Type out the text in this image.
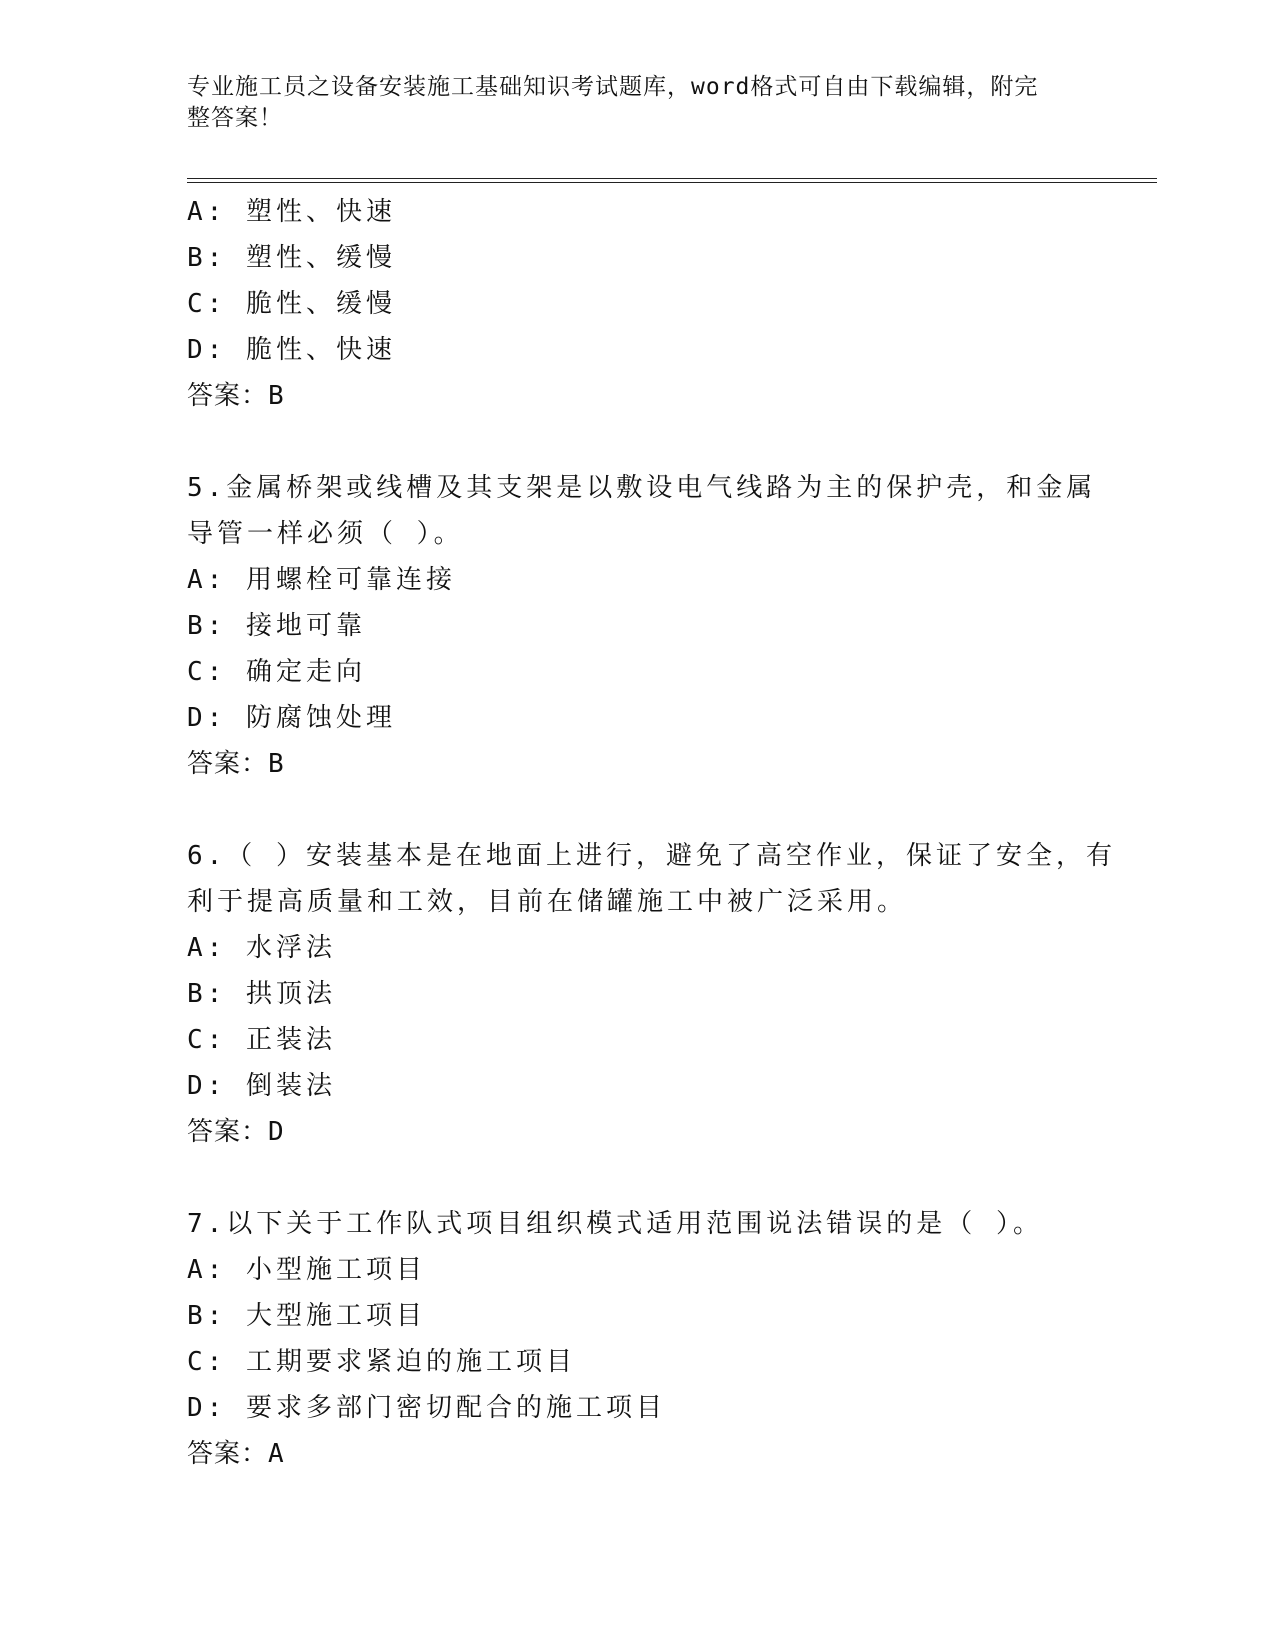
专业施工员之设备安装施工基础知识考试题库，word格式可自由下载编辑，附完
整答案！
A: 塑性、快速
B: 塑性、缓慢
C: 脆性、缓慢
D: 脆性、快速
答案：B
5.金属桥架或线槽及其支架是以敷设电气线路为主的保护壳，和金属
导管一样必须（ ）。
A: 用螺栓可靠连接
B: 接地可靠
C: 确定走向
D: 防腐蚀处理
答案：B
6.（ ）安装基本是在地面上进行，避免了高空作业，保证了安全，有
利于提高质量和工效，目前在储罐施工中被广泛采用。
A: 水浮法
B: 拱顶法
C: 正装法
D: 倒装法
答案：D
7.以下关于工作队式项目组织模式适用范围说法错误的是（ ）。
A: 小型施工项目
B: 大型施工项目
C: 工期要求紧迫的施工项目
D: 要求多部门密切配合的施工项目
答案：A
